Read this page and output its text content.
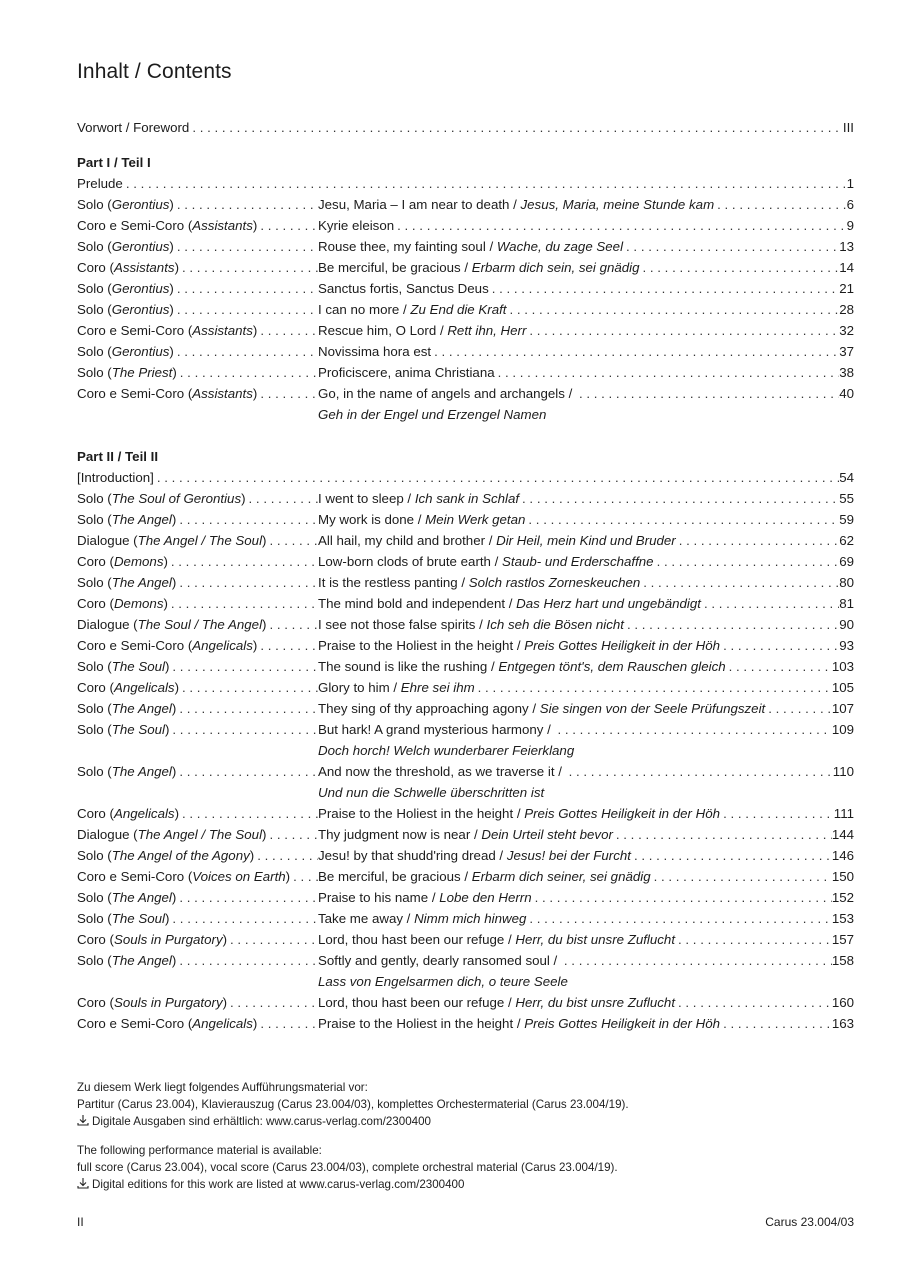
Inhalt / Contents
Vorwort / Foreword . . .	III
Part I / Teil I
Prelude . . .	1
Solo ( Gerontius ) . . .	Jesu, Maria – I am near to death / Jesus, Maria, meine Stunde kam . . .	6
Coro e Semi-Coro ( Assistants ) . . .	Kyrie eleison . . .	9
Solo ( Gerontius ) . . .	Rouse thee, my fainting soul / Wache, du zage Seel . . .	13
Coro ( Assistants ) . . .	Be merciful, be gracious / Erbarm dich sein, sei gnädig . . .	14
Solo ( Gerontius ) . . .	Sanctus fortis, Sanctus Deus . . .	21
Solo ( Gerontius ) . . .	I can no more / Zu End die Kraft . . .	28
Coro e Semi-Coro ( Assistants ) . . .	Rescue him, O Lord / Rett ihn, Herr . . .	32
Solo ( Gerontius ) . . .	Novissima hora est . . .	37
Solo ( The Priest ) . . .	Proficiscere, anima Christiana . . .	38
Coro e Semi-Coro ( Assistants ) . . .	Go, in the name of angels and archangels / . . .	40
Geh in der Engel und Erzengel Namen
Part II / Teil II
[Introduction] . . .	54
Solo ( The Soul of Gerontius ) . . .	I went to sleep / Ich sank in Schlaf . . .	55
Solo ( The Angel ) . . .	My work is done / Mein Werk getan . . .	59
Dialogue ( The Angel / The Soul ) . . .	All hail, my child and brother / Dir Heil, mein Kind und Bruder . . .	62
Coro ( Demons ) . . .	Low-born clods of brute earth / Staub- und Erderschaffne . . .	69
Solo ( The Angel ) . . .	It is the restless panting / Solch rastlos Zorneskeuchen . . .	80
Coro ( Demons ) . . .	The mind bold and independent / Das Herz hart und ungebändigt . . .	81
Dialogue ( The Soul / The Angel ) . . .	I see not those false spirits / Ich seh die Bösen nicht . . .	90
Coro e Semi-Coro ( Angelicals ) . . .	Praise to the Holiest in the height / Preis Gottes Heiligkeit in der Höh . . .	93
Solo ( The Soul ) . . .	The sound is like the rushing / Entgegen tönt's, dem Rauschen gleich . . .	103
Coro ( Angelicals ) . . .	Glory to him / Ehre sei ihm . . .	105
Solo ( The Angel ) . . .	They sing of thy approaching agony / Sie singen von der Seele Prüfungszeit . . .	107
Solo ( The Soul ) . . .	But hark! A grand mysterious harmony / . . .	109
Doch horch! Welch wunderbarer Feierklang
Solo ( The Angel ) . . .	And now the threshold, as we traverse it / . . .	110
Und nun die Schwelle überschritten ist
Coro ( Angelicals ) . . .	Praise to the Holiest in the height / Preis Gottes Heiligkeit in der Höh . . .	111
Dialogue ( The Angel / The Soul ) . . .	Thy judgment now is near / Dein Urteil steht bevor . . .	144
Solo ( The Angel of the Agony ) . . .	Jesu! by that shudd'ring dread / Jesus! bei der Furcht . . .	146
Coro e Semi-Coro ( Voices on Earth ) . . . Be merciful, be gracious / Erbarm dich seiner, sei gnädig . . .	150
Solo ( The Angel ) . . .	Praise to his name / Lobe den Herrn . . .	152
Solo ( The Soul ) . . .	Take me away / Nimm mich hinweg . . .	153
Coro ( Souls in Purgatory ) . . .	Lord, thou hast been our refuge / Herr, du bist unsre Zuflucht . . .	157
Solo ( The Angel ) . . .	Softly and gently, dearly ransomed soul / . . .	158
Lass von Engelsarmen dich, o teure Seele
Coro ( Souls in Purgatory ) . . .	Lord, thou hast been our refuge / Herr, du bist unsre Zuflucht . . .	160
Coro e Semi-Coro ( Angelicals ) . . .	Praise to the Holiest in the height / Preis Gottes Heiligkeit in der Höh . . .	163

Zu diesem Werk liegt folgendes Aufführungsmaterial vor:
Partitur (Carus 23.004), Klavierauszug (Carus 23.004/03), komplettes Orchestermaterial (Carus 23.004/19).
Digitale Ausgaben sind erhältlich: www.carus-verlag.com/2300400

The following performance material is available:
full score (Carus 23.004), vocal score (Carus 23.004/03), complete orchestral material (Carus 23.004/19).
Digital editions for this work are listed at www.carus-verlag.com/2300400

II	Carus 23.004/03
